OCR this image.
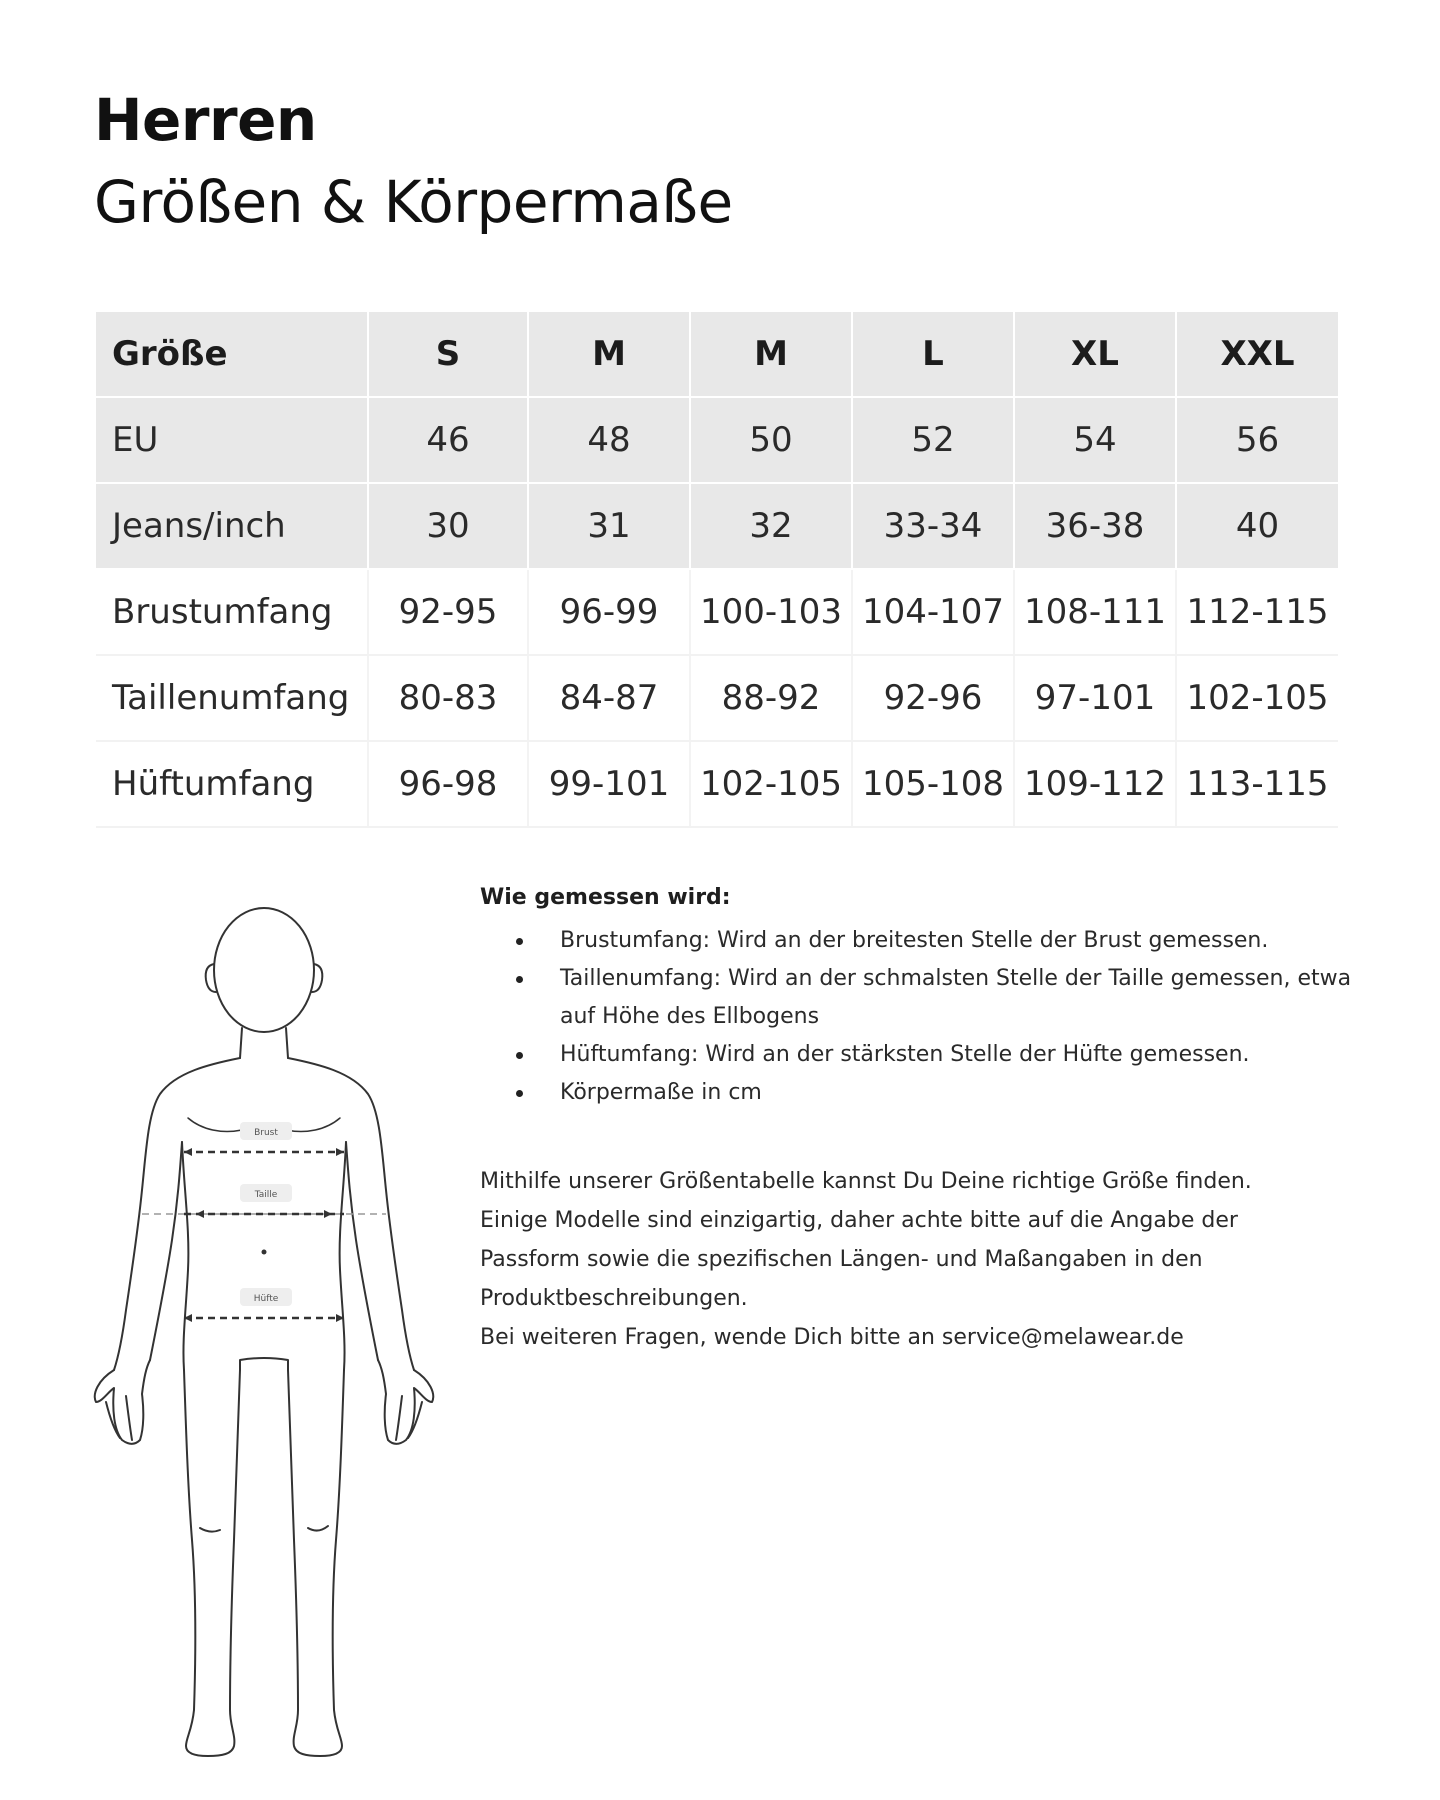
Herren
Größen & Körpermaße
Größe	S	M	M	L	XL	XXL
EU	46	48	50	52	54	56
Jeans/inch	30	31	32	33-34	36-38	40
Brustumfang	92-95	96-99	100-103	104-107	108-111	112-115
Taillenumfang	80-83	84-87	88-92	92-96	97-101	102-105
Hüftumfang	96-98	99-101	102-105	105-108	109-112	113-115
Brust
Taille
Hüfte
Wie gemessen wird:
Brustumfang: Wird an der breitesten Stelle der Brust gemessen.
Taillenumfang: Wird an der schmalsten Stelle der Taille gemessen, etwa auf Höhe des Ellbogens
Hüftumfang: Wird an der stärksten Stelle der Hüfte gemessen.
Körpermaße in cm

Mithilfe unserer Größentabelle kannst Du Deine richtige Größe finden.

Einige Modelle sind einzigartig, daher achte bitte auf die Angabe der

Passform sowie die spezifischen Längen- und Maßangaben in den

Produktbeschreibungen.

Bei weiteren Fragen, wende Dich bitte an service@melawear.de
